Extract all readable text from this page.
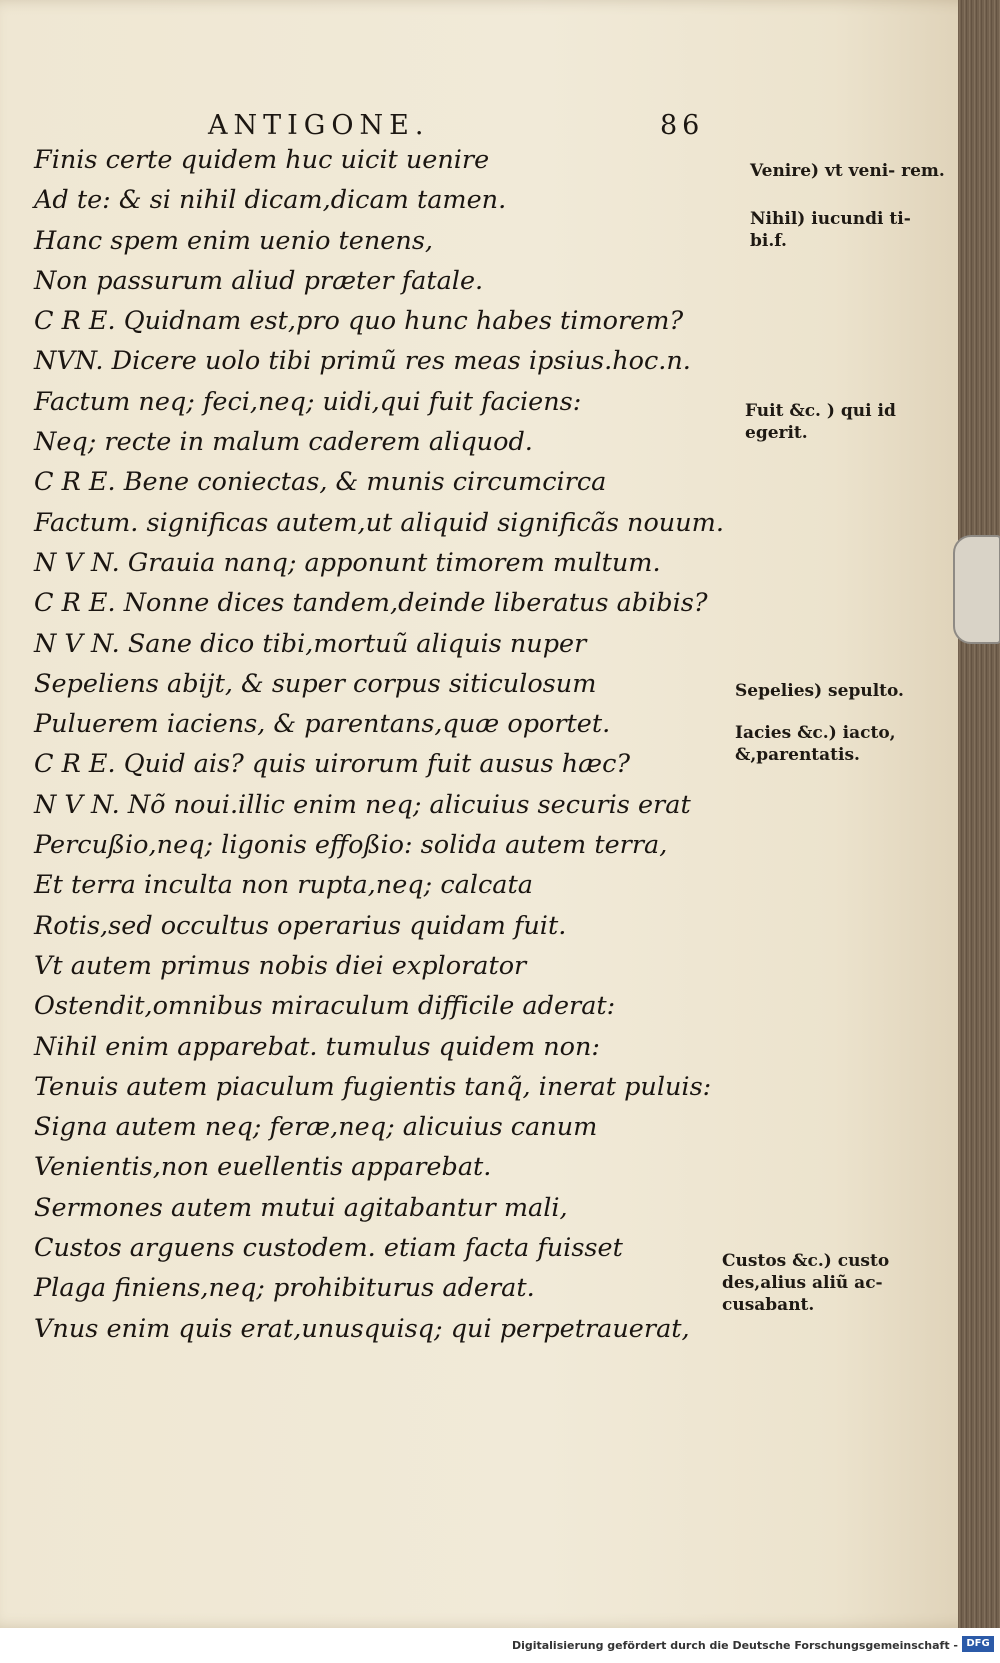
ANTIGONE.	86
Finis certe quidem huc uicit uenire
Ad te: & si nihil dicam,dicam tamen.
Hanc spem enim uenio tenens,
Non passurum aliud præter fatale.
C R E. Quidnam est,pro quo hunc habes timorem?
NVN. Dicere uolo tibi primũ res meas ipsius.hoc.n.
Factum neq; feci,neq; uidi,qui fuit faciens:
Neq; recte in malum caderem aliquod.
C R E. Bene coniectas, & munis circumcirca
Factum. significas autem,ut aliquid significãs nouum.
N V N. Grauia nanq; apponunt timorem multum.
C R E. Nonne dices tandem,deinde liberatus abibis?
N V N. Sane dico tibi,mortuũ aliquis nuper
Sepeliens abijt, & super corpus siticulosum
Puluerem iaciens, & parentans,quæ oportet.
C R E. Quid ais? quis uirorum fuit ausus hæc?
N V N. Nõ noui.illic enim neq; alicuius securis erat
Percußio,neq; ligonis effoßio: solida autem terra,
Et terra inculta non rupta,neq; calcata
Rotis,sed occultus operarius quidam fuit.
Vt autem primus nobis diei explorator
Ostendit,omnibus miraculum difficile aderat:
Nihil enim apparebat. tumulus quidem non:
Tenuis autem piaculum fugientis tanq̃, inerat puluis:
Signa autem neq; feræ,neq; alicuius canum
Venientis,non euellentis apparebat.
Sermones autem mutui agitabantur mali,
Custos arguens custodem. etiam facta fuisset
Plaga finiens,neq; prohibiturus aderat.
Vnus enim quis erat,unusquisq; qui perpetrauerat,
Venire) vt veni- rem.
Nihil) iucundi ti- bi.f.
Fuit &c. ) qui id egerit.
Sepelies) sepulto.
Iacies &c.) iacto, &,parentatis.
Custos &c.) custo des,alius aliũ ac- cusabant.
Digitalisierung gefördert durch die Deutsche Forschungsgemeinschaft - DFG
